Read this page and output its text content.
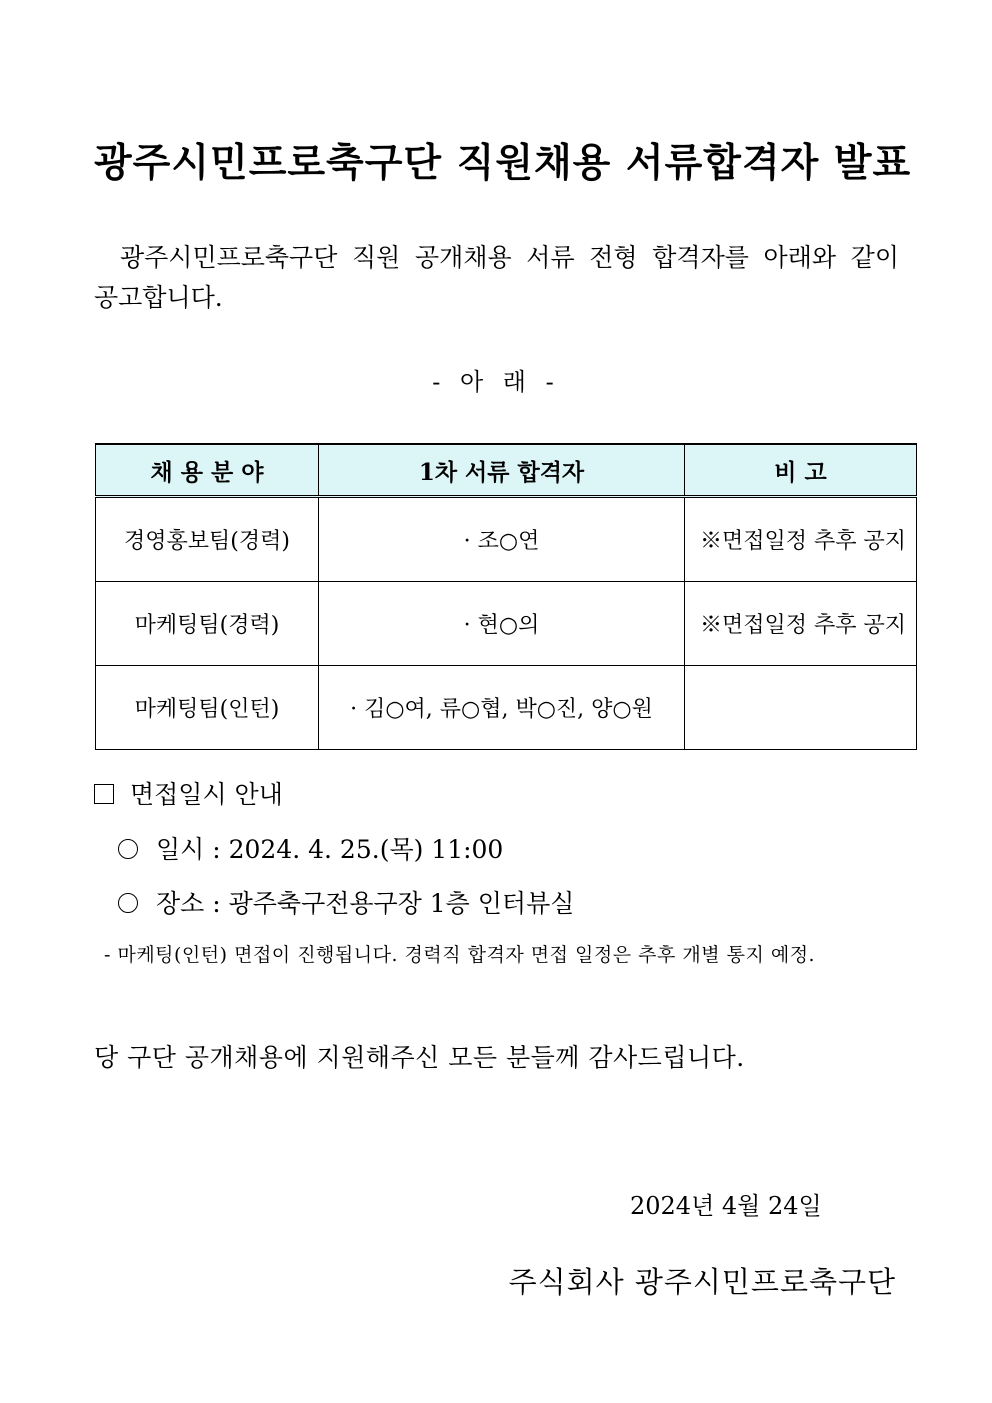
광주시민프로축구단 직원채용 서류합격자 발표
광주시민프로축구단 직원 공개채용 서류 전형 합격자를 아래와 같이
공고합니다.
- 아 래 -
채 용 분 야	1차 서류 합격자	비 고
경영홍보팀(경력)	· 조○연	※면접일정 추후 공지
마케팅팀(경력)	· 현○의	※면접일정 추후 공지
마케팅팀(인턴)	· 김○여, 류○협, 박○진, 양○원	
면접일시 안내
일시 : 2024. 4. 25.(목) 11:00
장소 : 광주축구전용구장 1층 인터뷰실
- 마케팅(인턴) 면접이 진행됩니다. 경력직 합격자 면접 일정은 추후 개별 통지 예정.
당 구단 공개채용에 지원해주신 모든 분들께 감사드립니다.
2024년 4월 24일
주식회사 광주시민프로축구단
